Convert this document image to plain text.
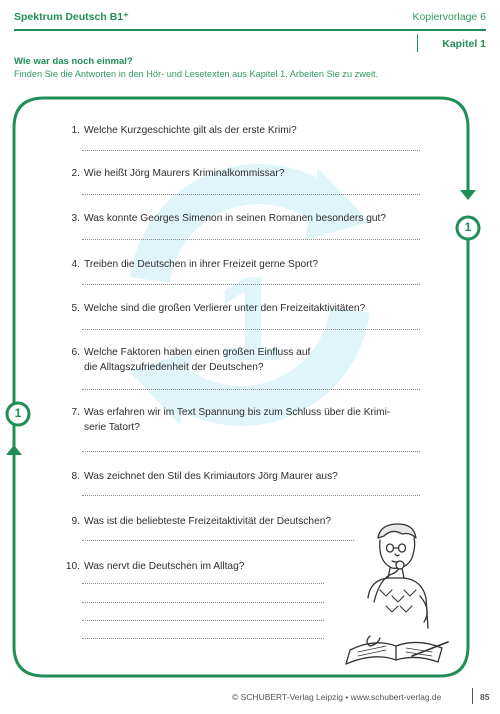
Spektrum Deutsch B1⁺	Kopiervorlage 6
Kapitel 1
Wie war das noch einmal?
Finden Sie die Antworten in den Hör- und Lesetexten aus Kapitel 1. Arbeiten Sie zu zweit.
1
1
1
1. Welche Kurzgeschichte gilt als der erste Krimi?
2. Wie heißt Jörg Maurers Kriminalkommissar?
3. Was konnte Georges Simenon in seinen Romanen besonders gut?
4. Treiben die Deutschen in ihrer Freizeit gerne Sport?
5. Welche sind die großen Verlierer unter den Freizeitaktivitäten?
6. Welche Faktoren haben einen großen Einfluss auf die Alltagszufriedenheit der Deutschen?
7. Was erfahren wir im Text Spannung bis zum Schluss über die Krimi-serie Tatort?
8. Was zeichnet den Stil des Krimiautors Jörg Maurer aus?
9. Was ist die beliebteste Freizeitaktivität der Deutschen?
10. Was nervt die Deutschen im Alltag?
© SCHUBERT-Verlag Leipzig • www.schubert-verlag.de	85
